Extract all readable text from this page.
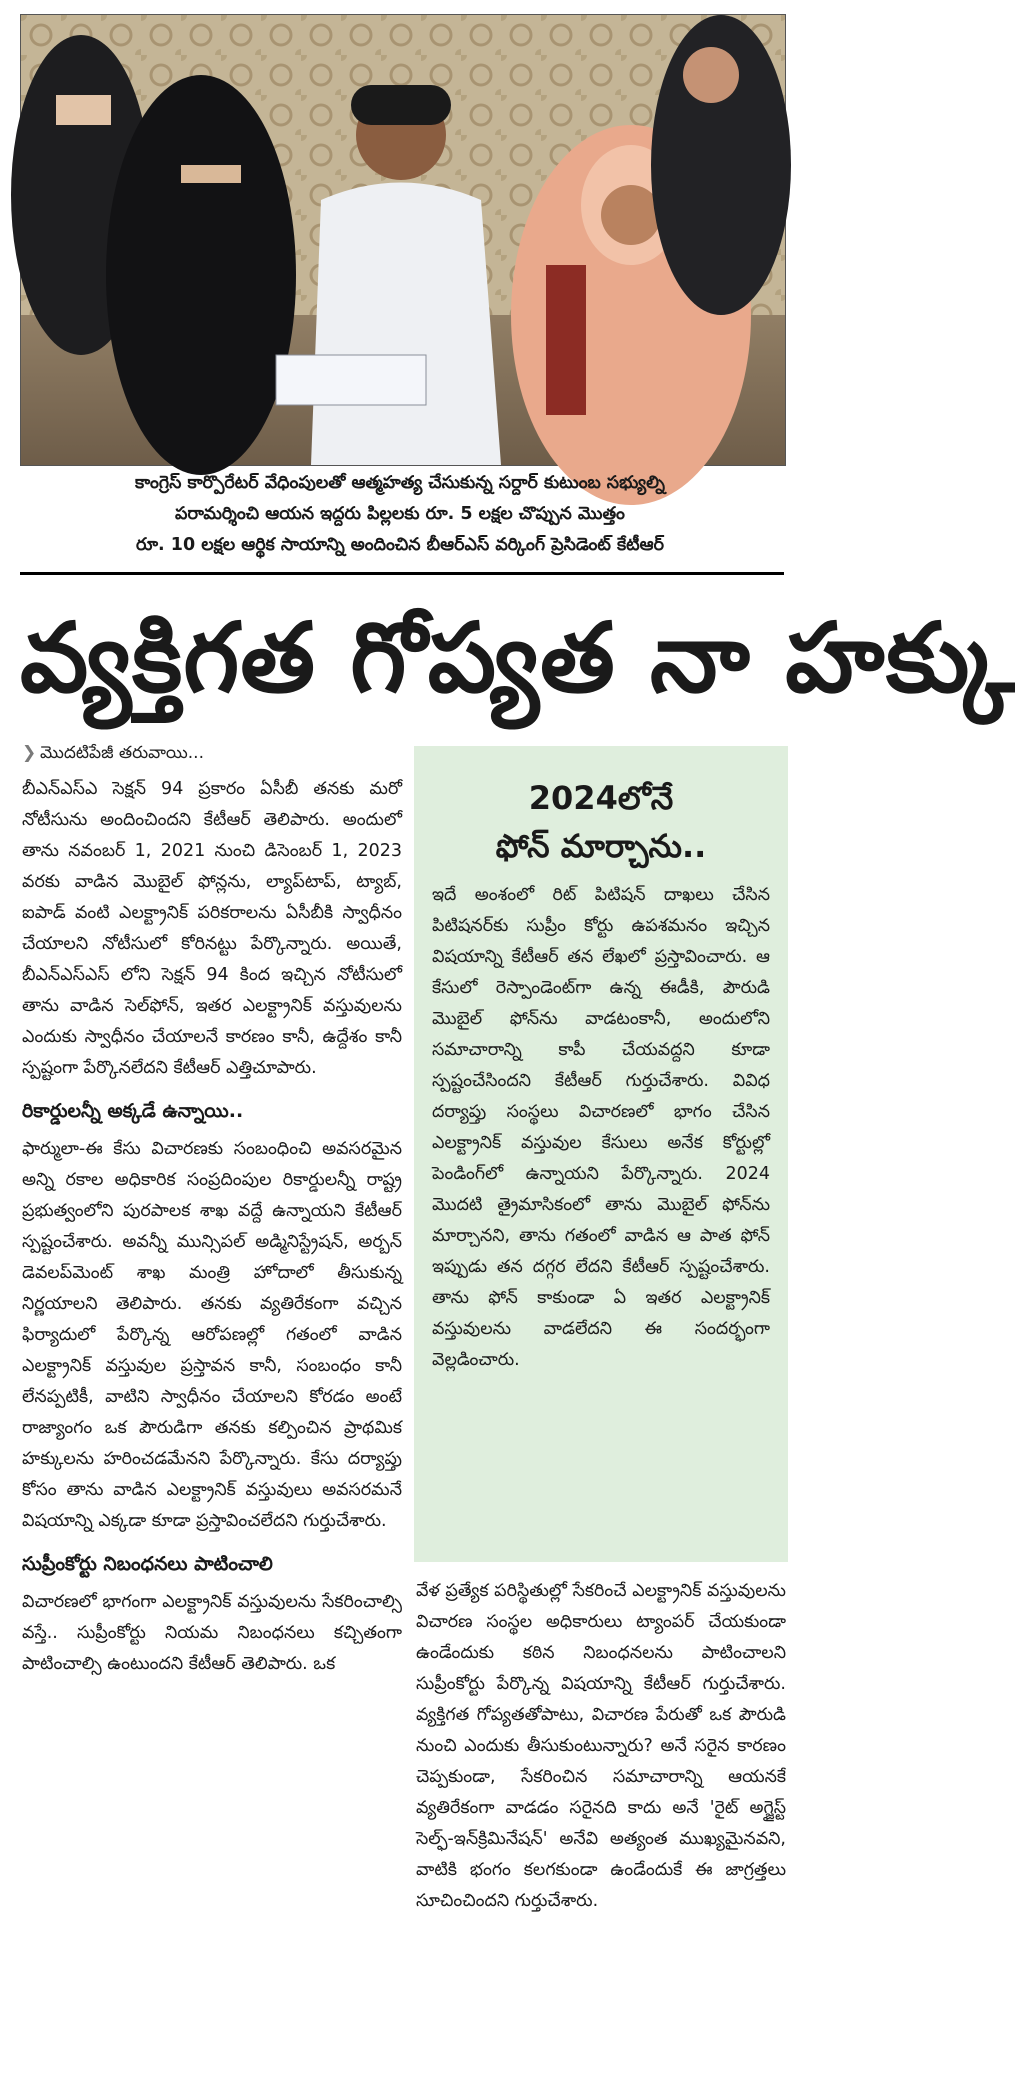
కాంగ్రెస్ కార్పొరేటర్ వేధింపులతో ఆత్మహత్య చేసుకున్న సర్దార్ కుటుంబ సభ్యుల్ని

పరామర్శించి ఆయన ఇద్దరు పిల్లలకు రూ. 5 లక్షల చొప్పున మొత్తం

రూ. 10 లక్షల ఆర్థిక సాయాన్ని అందించిన బీఆర్ఎస్ వర్కింగ్ ప్రెసిడెంట్ కేటీఆర్

వ్యక్తిగత గోప్యత నా హక్కు
❯ మొదటిపేజీ తరువాయి...

బీఎన్ఎస్ఎ సెక్షన్ 94 ప్రకారం ఏసీబీ తనకు మరో నోటీసును అందించిందని కేటీఆర్ తెలిపారు. అందులో తాను నవంబర్ 1, 2021 నుంచి డిసెంబర్ 1, 2023 వరకు వాడిన మొబైల్ ఫోన్లను, ల్యాప్‌టాప్, ట్యాబ్, ఐపాడ్ వంటి ఎలక్ట్రానిక్ పరికరాలను ఏసీబీకి స్వాధీనం చేయాలని నోటీసులో కోరినట్టు పేర్కొన్నారు. అయితే, బీఎన్ఎస్ఎస్ లోని సెక్షన్ 94 కింద ఇచ్చిన నోటీసులో తాను వాడిన సెల్‌ఫోన్, ఇతర ఎలక్ట్రానిక్ వస్తువులను ఎందుకు స్వాధీనం చేయాలనే కారణం కానీ, ఉద్దేశం కానీ స్పష్టంగా పేర్కొనలేదని కేటీఆర్ ఎత్తిచూపారు.

రికార్డులన్నీ అక్కడే ఉన్నాయి..

ఫార్ములా-ఈ కేసు విచారణకు సంబంధించి అవసరమైన అన్ని రకాల అధికారిక సంప్రదింపుల రికార్డులన్నీ రాష్ట్ర ప్రభుత్వంలోని పురపాలక శాఖ వద్దే ఉన్నాయని కేటీఆర్ స్పష్టంచేశారు. అవన్నీ మున్సిపల్ అడ్మినిస్ట్రేషన్, అర్బన్ డెవలప్‌మెంట్ శాఖ మంత్రి హోదాలో తీసుకున్న నిర్ణయాలని తెలిపారు. తనకు వ్యతిరేకంగా వచ్చిన ఫిర్యాదులో పేర్కొన్న ఆరోపణల్లో గతంలో వాడిన ఎలక్ట్రానిక్ వస్తువుల ప్రస్తావన కానీ, సంబంధం కానీ లేనప్పటికీ, వాటిని స్వాధీనం చేయాలని కోరడం అంటే రాజ్యాంగం ఒక పౌరుడిగా తనకు కల్పించిన ప్రాథమిక హక్కులను హరించడమేనని పేర్కొన్నారు. కేసు దర్యాప్తు కోసం తాను వాడిన ఎలక్ట్రానిక్ వస్తువులు అవసరమనే విషయాన్ని ఎక్కడా కూడా ప్రస్తావించలేదని గుర్తుచేశారు.

సుప్రీంకోర్టు నిబంధనలు పాటించాలి

విచారణలో భాగంగా ఎలక్ట్రానిక్ వస్తువులను సేకరించాల్సి వస్తే.. సుప్రీంకోర్టు నియమ నిబంధనలు కచ్చితంగా పాటించాల్సి ఉంటుందని కేటీఆర్ తెలిపారు. ఒక

2024లోనే
ఫోన్ మార్చాను..

ఇదే అంశంలో రిట్ పిటిషన్ దాఖలు చేసిన పిటిషనర్‌కు సుప్రీం కోర్టు ఉపశమనం ఇచ్చిన విషయాన్ని కేటీఆర్ తన లేఖలో ప్రస్తావించారు. ఆ కేసులో రెస్పాండెంట్‌గా ఉన్న ఈడీకి, పౌరుడి మొబైల్ ఫోన్‌ను వాడటంకానీ, అందులోని సమాచారాన్ని కాపీ చేయవద్దని కూడా స్పష్టంచేసిందని కేటీఆర్ గుర్తుచేశారు. వివిధ దర్యాప్తు సంస్థలు విచారణలో భాగం చేసిన ఎలక్ట్రానిక్ వస్తువుల కేసులు అనేక కోర్టుల్లో పెండింగ్‌లో ఉన్నాయని పేర్కొన్నారు. 2024 మొదటి త్రైమాసికంలో తాను మొబైల్ ఫోన్‌ను మార్చానని, తాను గతంలో వాడిన ఆ పాత ఫోన్ ఇప్పుడు తన దగ్గర లేదని కేటీఆర్ స్పష్టంచేశారు. తాను ఫోన్ కాకుండా ఏ ఇతర ఎలక్ట్రానిక్ వస్తువులను వాడలేదని ఈ సందర్భంగా వెల్లడించారు.

వేళ ప్రత్యేక పరిస్థితుల్లో సేకరించే ఎలక్ట్రానిక్ వస్తువులను విచారణ సంస్థల అధికారులు ట్యాంపర్ చేయకుండా ఉండేందుకు కఠిన నిబంధనలను పాటించాలని సుప్రీంకోర్టు పేర్కొన్న విషయాన్ని కేటీఆర్ గుర్తుచేశారు. వ్యక్తిగత గోప్యతతోపాటు, విచారణ పేరుతో ఒక పౌరుడి నుంచి ఎందుకు తీసుకుంటున్నారు? అనే సరైన కారణం చెప్పకుండా, సేకరించిన సమాచారాన్ని ఆయనకే వ్యతిరేకంగా వాడడం సరైనది కాదు అనే 'రైట్ అగ్జైస్ట్ సెల్ఫ్-ఇన్‌క్రిమినేషన్' అనేవి అత్యంత ముఖ్యమైనవని, వాటికి భంగం కలగకుండా ఉండేందుకే ఈ జాగ్రత్తలు సూచించిందని గుర్తుచేశారు.
